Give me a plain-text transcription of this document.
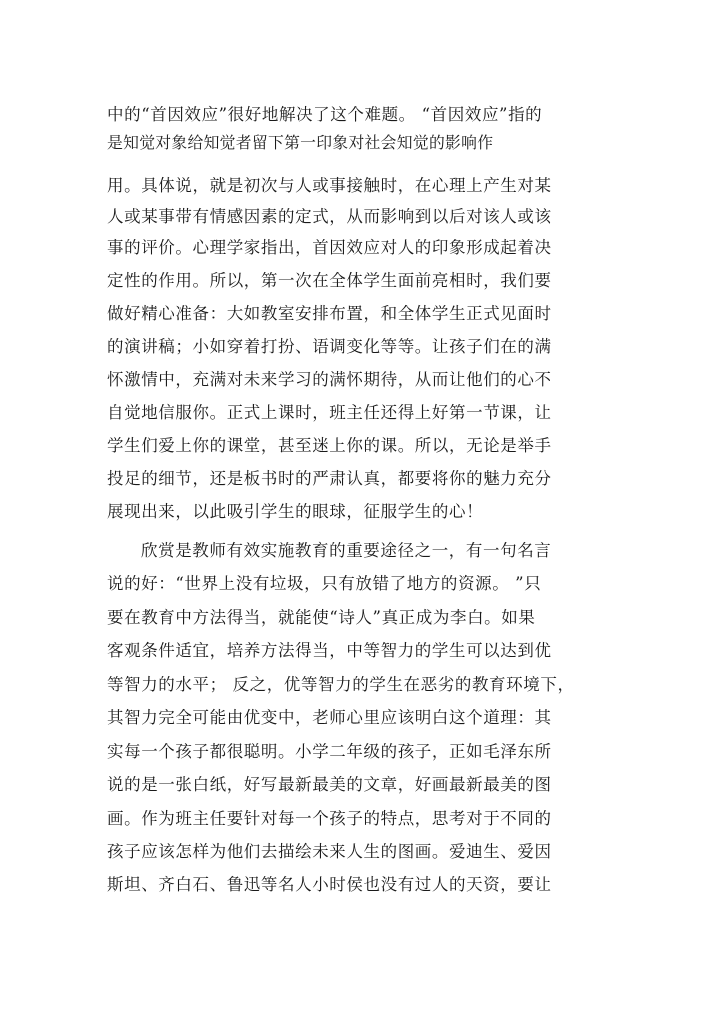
中的“首因效应”很好地解决了这个难题。 “首因效应”指的
是知觉对象给知觉者留下第一印象对社会知觉的影响作
用。具体说，就是初次与人或事接触时，在心理上产生对某
人或某事带有情感因素的定式，从而影响到以后对该人或该
事的评价。心理学家指出，首因效应对人的印象形成起着决
定性的作用。所以，第一次在全体学生面前亮相时，我们要
做好精心准备：大如教室安排布置，和全体学生正式见面时
的演讲稿；小如穿着打扮、语调变化等等。让孩子们在的满
怀激情中，充满对未来学习的满怀期待，从而让他们的心不
自觉地信服你。正式上课时，班主任还得上好第一节课，让
学生们爱上你的课堂，甚至迷上你的课。所以，无论是举手
投足的细节，还是板书时的严肃认真，都要将你的魅力充分
展现出来，以此吸引学生的眼球，征服学生的心！
欣赏是教师有效实施教育的重要途径之一，有一句名言
说的好：“世界上没有垃圾，只有放错了地方的资源。 ”只
要在教育中方法得当，就能使“诗人”真正成为李白。如果
客观条件适宜，培养方法得当，中等智力的学生可以达到优
等智力的水平； 反之，优等智力的学生在恶劣的教育环境下，
其智力完全可能由优变中，老师心里应该明白这个道理：其
实每一个孩子都很聪明。小学二年级的孩子，正如毛泽东所
说的是一张白纸，好写最新最美的文章，好画最新最美的图
画。作为班主任要针对每一个孩子的特点，思考对于不同的
孩子应该怎样为他们去描绘未来人生的图画。爱迪生、爱因
斯坦、齐白石、鲁迅等名人小时侯也没有过人的天资，要让
